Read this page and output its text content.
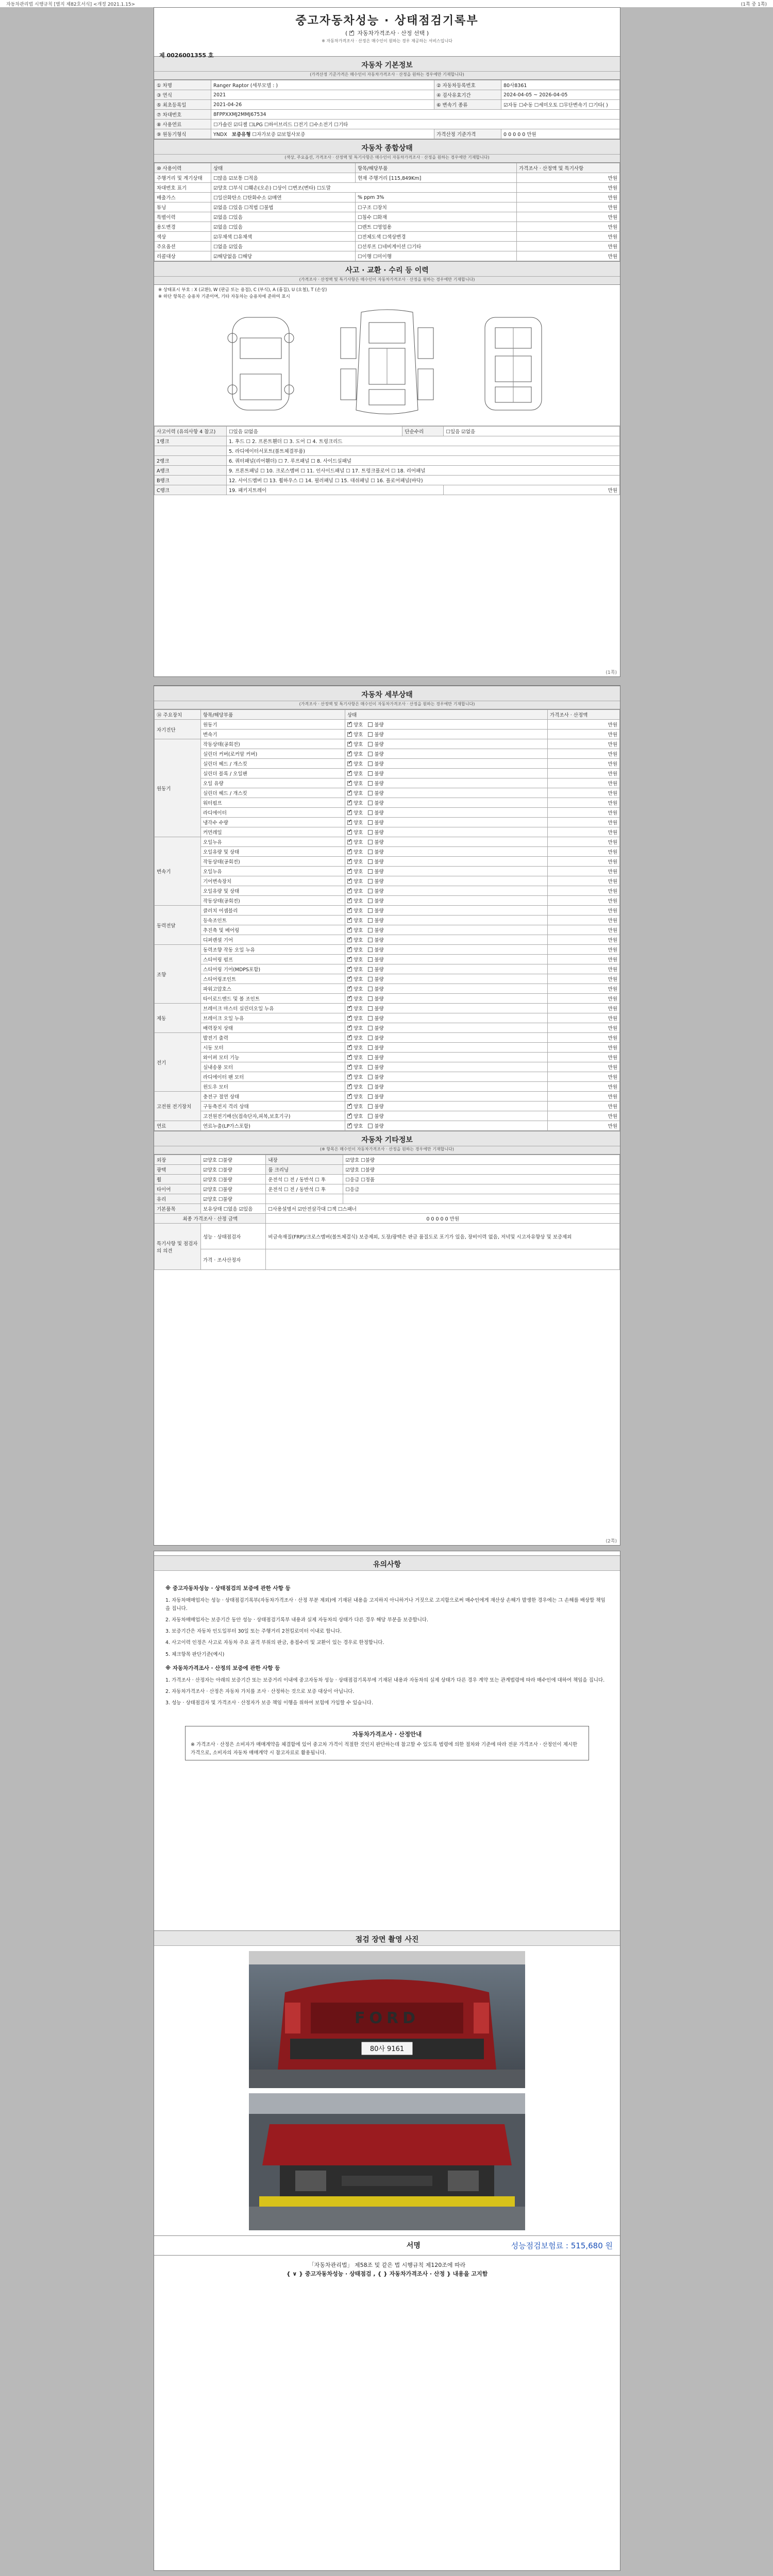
자동차관리법 시행규칙 [별지 제82호서식] <개정 2021.1.15>	(1쪽 중 1쪽)
중고자동차성능 · 상태점검기록부
( ✓ 자동차가격조사 · 산정 선택 )
※ 자동차가격조사 · 산정은 매수인이 원하는 경우 제공하는 서비스입니다
제 0026001355 호
자동차 기본정보
(가격산정 기준가격은 매수인이 자동차가격조사 · 산정을 원하는 경우에만 기재합니다)
① 차명	Ranger Raptor (세부모델 : )	② 자동차등록번호	80사8361
③ 연식	2021	④ 검사유효기간	2024-04-05 ~ 2026-04-05
⑤ 최초등록일	2021-04-26	⑥ 변속기 종류	☑자동 ☐수동 ☐세미오토 ☐무단변속기 ☐기타( )
⑦ 차대번호	8FPPXXMJ2MMJ67534		
⑧ 사용연료	☐가솔린 ☑디젤 ☐LPG ☐하이브리드 ☐전기 ☐수소전기 ☐기타		
⑨ 원동기형식	YNDX 보증유형 ☐자가보증 ☑보험사보증	가격산정 기준가격	0 0 0 0 0 만원
자동차 종합상태
(색상, 주요옵션, 가격조사 · 산정액 및 특기사항은 매수인이 자동차가격조사 · 산정을 원하는 경우에만 기재합니다)
⑩ 사용이력	상태	항목/해당부품	가격조사 · 산정액 및 특기사항
주행거리 및 계기상태	☐많음 ☑보통 ☐적음	현재 주행거리 [115,849Km]	만원
차대번호 표기	☑양호 ☐부식 ☐훼손(오손) ☐상이 ☐변조(변타) ☐도말		만원
배출가스	☐일산화탄소 ☐탄화수소 ☑매연	% ppm 3%	만원
튜닝	☑없음 ☐있음 ☐적법 ☐불법	☐구조 ☐장치	만원
특별이력	☑없음 ☐있음	☐침수 ☐화재	만원
용도변경	☑없음 ☐있음	☐렌트 ☐영업용	만원
색상	☑무채색 ☐유채색	☐전체도색 ☐색상변경	만원
주요옵션	☐없음 ☑있음	☐선루프 ☐네비게이션 ☐기타	만원
리콜대상	☑해당없음 ☐해당	☐이행 ☐미이행	만원
사고 · 교환 · 수리 등 이력
(가격조사 · 산정액 및 특기사항은 매수인이 자동차가격조사 · 산정을 원하는 경우에만 기재합니다)
※ 상태표시 부호 : X (교환), W (판금 또는 용접), C (부식), A (흠집), U (요철), T (손상)
※ 하단 항목은 승용차 기준이며, 기타 자동차는 승용차에 준하여 표시
사고이력 (유의사항 4 참고)	☐있음 ☑없음	단순수리	☐있음 ☑없음
1랭크	1. 후드 ☐ 2. 프론트휀더 ☐ 3. 도어 ☐ 4. 트렁크리드		
	5. 라디에이터서포트(볼트체결부품)		
2랭크	6. 쿼터패널(리어휀더) ☐ 7. 루프패널 ☐ 8. 사이드실패널		
A랭크	9. 프론트패널 ☐ 10. 크로스멤버 ☐ 11. 인사이드패널 ☐ 17. 트렁크플로어 ☐ 18. 리어패널		
B랭크	12. 사이드멤버 ☐ 13. 휠하우스 ☐ 14. 필러패널 ☐ 15. 대쉬패널 ☐ 16. 플로어패널(바닥)		
C랭크	19. 패키지트레이		만원
(1쪽)
자동차 세부상태
(가격조사 · 산정액 및 특기사항은 매수인이 자동차가격조사 · 산정을 원하는 경우에만 기재합니다)
⑭ 주요장치	항목/해당부품	상태	가격조사 · 산정액
자기진단	원동기	✓양호 불량	만원
	변속기	✓양호 불량	만원
원동기	작동상태(공회전)	✓양호 불량	만원
	실린더 커버(로커암 커버)	✓양호 불량	만원
	실린더 헤드 / 개스킷	✓양호 불량	만원
	실린더 블록 / 오일팬	✓양호 불량	만원
	오일 유량	✓양호 불량	만원
	실린더 헤드 / 개스킷	✓양호 불량	만원
	워터펌프	✓양호 불량	만원
	라디에이터	✓양호 불량	만원
	냉각수 수량	✓양호 불량	만원
	커먼레일	✓양호 불량	만원
변속기	오일누유	✓양호 불량	만원
	오일유량 및 상태	✓양호 불량	만원
	작동상태(공회전)	✓양호 불량	만원
	오일누유	✓양호 불량	만원
	기어변속장치	✓양호 불량	만원
	오일유량 및 상태	✓양호 불량	만원
	작동상태(공회전)	✓양호 불량	만원
동력전달	클러치 어셈블리	✓양호 불량	만원
	등속조인트	✓양호 불량	만원
	추진축 및 베어링	✓양호 불량	만원
	디퍼렌셜 기어	✓양호 불량	만원
조향	동력조향 작동 오일 누유	✓양호 불량	만원
	스티어링 펌프	✓양호 불량	만원
	스티어링 기어(MDPS포함)	✓양호 불량	만원
	스티어링조인트	✓양호 불량	만원
	파워고압호스	✓양호 불량	만원
	타이로드엔드 및 볼 조인트	✓양호 불량	만원
제동	브레이크 마스터 실린더오일 누유	✓양호 불량	만원
	브레이크 오일 누유	✓양호 불량	만원
	배력장치 상태	✓양호 불량	만원
전기	발전기 출력	✓양호 불량	만원
	시동 모터	✓양호 불량	만원
	와이퍼 모터 기능	✓양호 불량	만원
	실내송풍 모터	✓양호 불량	만원
	라디에이터 팬 모터	✓양호 불량	만원
	윈도우 모터	✓양호 불량	만원
고전원 전기장치	충전구 절연 상태	✓양호 불량	만원
	구동축전지 격리 상태	✓양호 불량	만원
	고전원전기배선(접속단자,피복,보호기구)	✓양호 불량	만원
연료	연료누출(LP가스포함)	✓양호 불량	만원
자동차 기타정보
(※ 항목은 매수인이 자동차가격조사 · 산정을 원하는 경우에만 기재합니다)
외장	☑양호 ☐불량	내장	☑양호 ☐불량
광택	☑양호 ☐불량	룸 크리닝	☑양호 ☐불량
휠	☑양호 ☐불량	운전석 ☐ 전 / 동반석 ☐ 후	☐응급 ☐정품
타이어	☑양호 ☐불량	운전석 ☐ 전 / 동반석 ☐ 후	☐응급
유리	☑양호 ☐불량		
기본품목	보유상태 ☐없음 ☑있음	☐사용설명서 ☑안전삼각대 ☐잭 ☐스패너	
최종 가격조사 · 산정 금액		0 0 0 0 0 만원	
특기사항 및 점검자의 의견	성능 · 상태점검자	비금속재질(FRP)/크로스멤버(볼트체결식) 보증제외, 도장/광택은 판금 품질도로 포기가 있음, 장비이력 없음, 저녁및 시고자유향상 및 보증제외	
	가격 · 조사산정자		
(2쪽)
유의사항
※ 중고자동차성능 · 상태점검의 보증에 관한 사항 등

1. 자동차매매업자는 성능 · 상태점검기록부(자동차가격조사 · 산정 부분 제외)에 기재된 내용을 고지하지 아니하거나 거짓으로 고지함으로써 매수인에게 재산상 손해가 발생한 경우에는 그 손해를 배상할 책임을 집니다.

2. 자동차매매업자는 보증기간 동안 성능 · 상태점검기록부 내용과 실제 자동차의 상태가 다른 경우 해당 부분을 보증합니다.

3. 보증기간은 자동차 인도일부터 30일 또는 주행거리 2천킬로미터 이내로 합니다.

4. 사고이력 인정은 사고로 자동차 주요 골격 부위의 판금, 용접수리 및 교환이 있는 경우로 한정합니다.

5. 체크항목 판단기준(예시)

※ 자동차가격조사 · 산정의 보증에 관한 사항 등

1. 가격조사 · 산정자는 아래의 보증기간 또는 보증거리 이내에 중고자동차 성능 · 상태점검기록부에 기재된 내용과 자동차의 실제 상태가 다른 경우 계약 또는 관계법령에 따라 매수인에 대하여 책임을 집니다.

2. 자동차가격조사 · 산정은 자동차 가치를 조사 · 산정하는 것으로 보증 대상이 아닙니다.

3. 성능 · 상태점검자 및 가격조사 · 산정자가 보증 책임 이행을 위하여 보험에 가입할 수 있습니다.

자동차가격조사 · 산정안내
※ 가격조사 · 산정은 소비자가 매매계약을 체결함에 있어 중고차 가격이 적절한 것인지 판단하는데 참고할 수 있도록 법령에 의한 절차와 기준에 따라 전문 가격조사 · 산정인이 제시한 가격으로, 소비자의 자동차 매매계약 시 참고자료로 활용됩니다.
점검 장면 촬영 사진
FORD
80사 9161
서명	성능점검보험료 : 515,680 원
「자동차관리법」 제58조 및 같은 법 시행규칙 제120조에 따라
{ ∨ } 중고자동차성능 · 상태점검 , { } 자동차가격조사 · 산정 } 내용을 고지함
